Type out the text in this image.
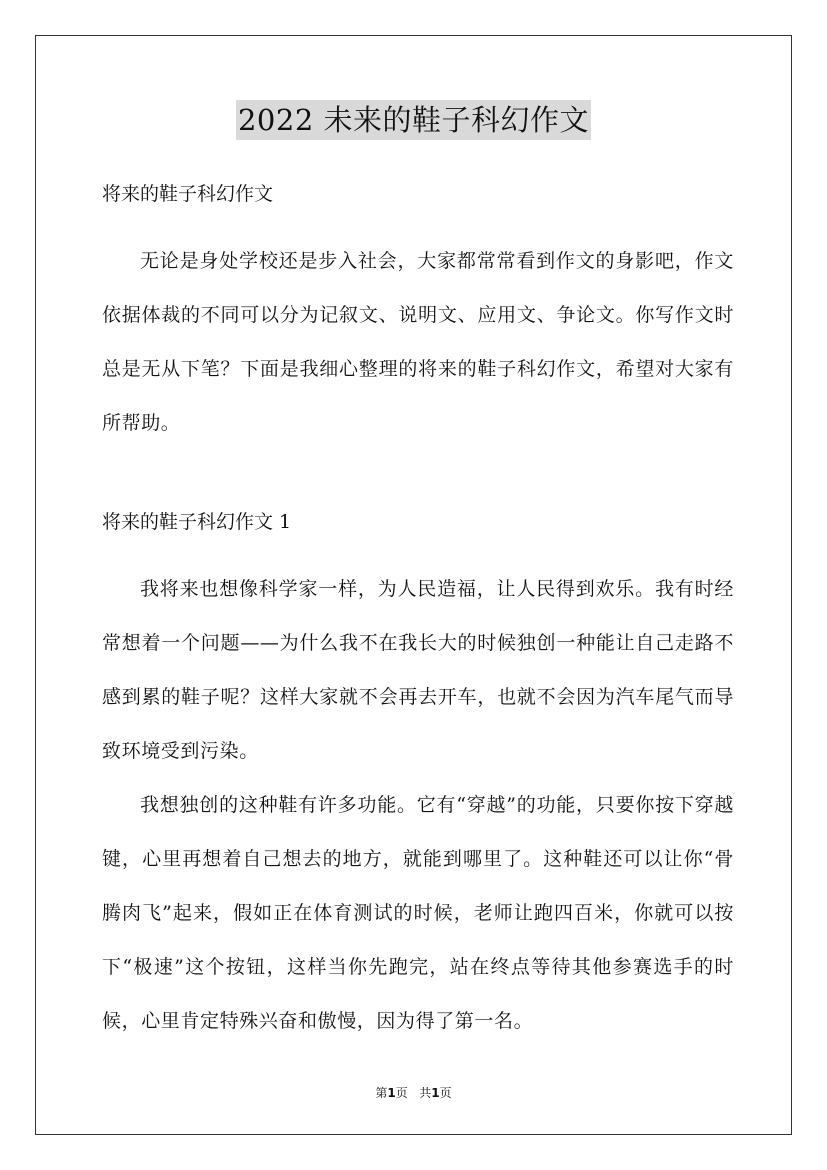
2022 未来的鞋子科幻作文

将来的鞋子科幻作文

无论是身处学校还是步入社会，大家都常常看到作文的身影吧，作文依据体裁的不同可以分为记叙文、说明文、应用文、争论文。你写作文时总是无从下笔？下面是我细心整理的将来的鞋子科幻作文，希望对大家有所帮助。

将来的鞋子科幻作文 1

我将来也想像科学家一样，为人民造福，让人民得到欢乐。我有时经常想着一个问题——为什么我不在我长大的时候独创一种能让自己走路不感到累的鞋子呢？这样大家就不会再去开车，也就不会因为汽车尾气而导致环境受到污染。

我想独创的这种鞋有许多功能。它有“穿越”的功能，只要你按下穿越键，心里再想着自己想去的地方，就能到哪里了。这种鞋还可以让你“骨腾肉飞”起来，假如正在体育测试的时候，老师让跑四百米，你就可以按下“极速”这个按钮，这样当你先跑完，站在终点等待其他参赛选手的时候，心里肯定特殊兴奋和傲慢，因为得了第一名。

第1页 共1页
